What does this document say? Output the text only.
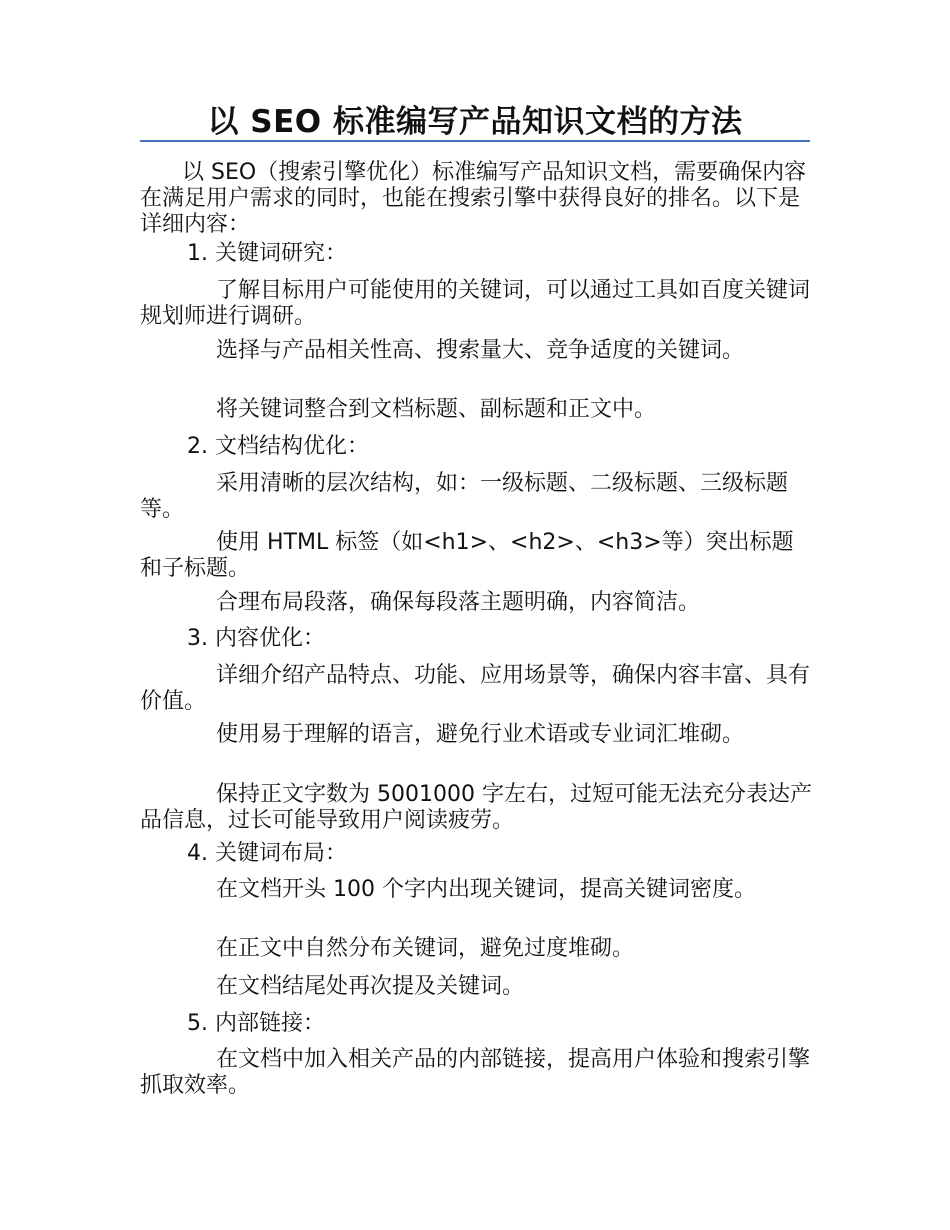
以 SEO 标准编写产品知识文档的方法

以 SEO（搜索引擎优化）标准编写产品知识文档，需要确保内容在满足用户需求的同时，也能在搜索引擎中获得良好的排名。以下是详细内容：

1. 关键词研究：

了解目标用户可能使用的关键词，可以通过工具如百度关键词规划师进行调研。

选择与产品相关性高、搜索量大、竞争适度的关键词。

将关键词整合到文档标题、副标题和正文中。

2. 文档结构优化：

采用清晰的层次结构，如：一级标题、二级标题、三级标题等。

使用 HTML 标签（如<h1>、<h2>、<h3>等）突出标题和子标题。

合理布局段落，确保每段落主题明确，内容简洁。

3. 内容优化：

详细介绍产品特点、功能、应用场景等，确保内容丰富、具有价值。

使用易于理解的语言，避免行业术语或专业词汇堆砌。

保持正文字数为 5001000 字左右，过短可能无法充分表达产品信息，过长可能导致用户阅读疲劳。

4. 关键词布局：

在文档开头 100 个字内出现关键词，提高关键词密度。

在正文中自然分布关键词，避免过度堆砌。

在文档结尾处再次提及关键词。

5. 内部链接：

在文档中加入相关产品的内部链接，提高用户体验和搜索引擎抓取效率。
